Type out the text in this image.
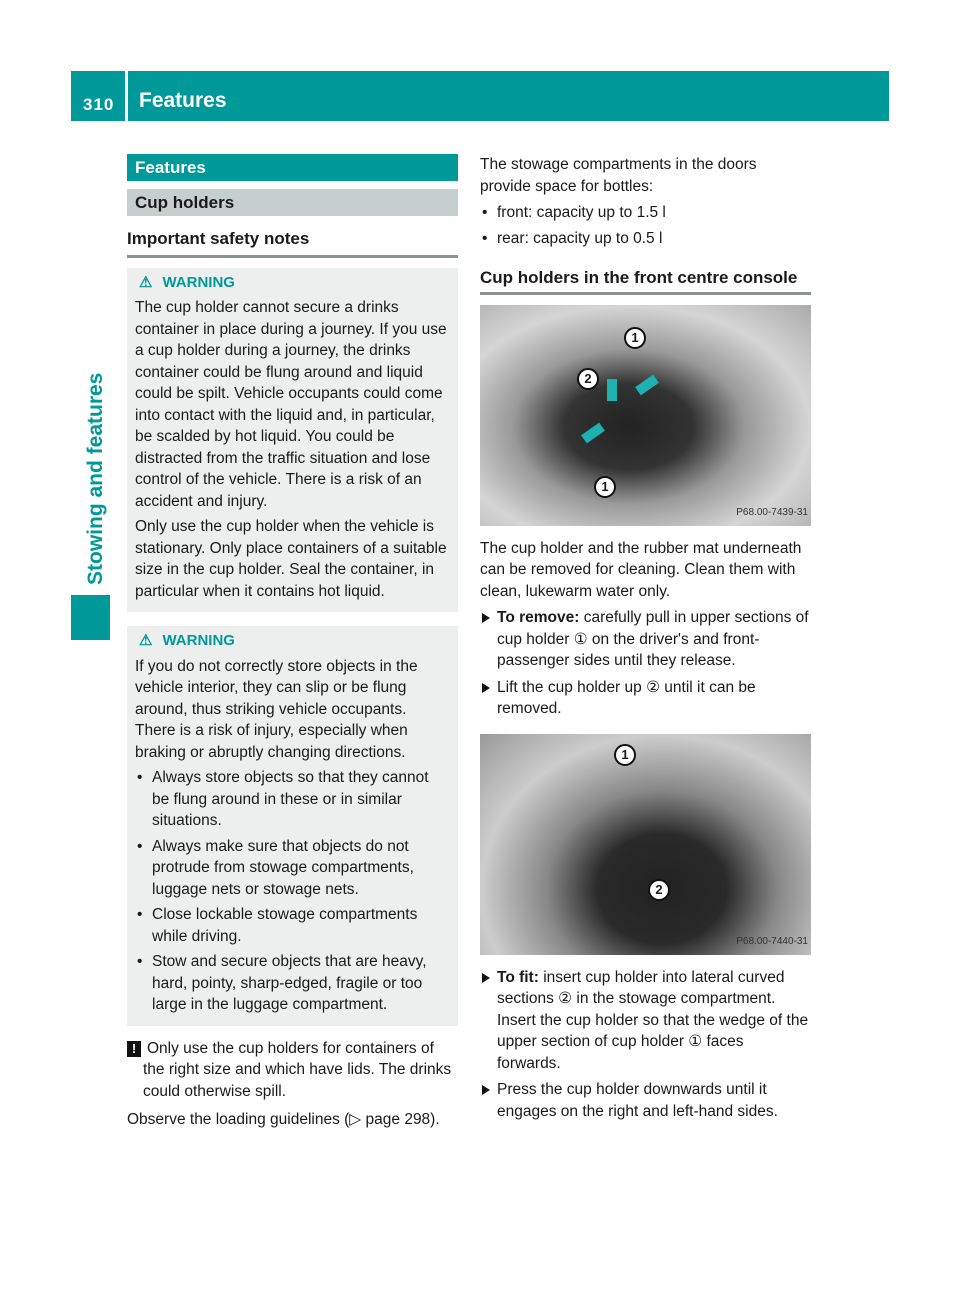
310	Features
Stowing and features
Features
Cup holders
Important safety notes
⚠ WARNING

The cup holder cannot secure a drinks container in place during a journey. If you use a cup holder during a journey, the drinks container could be flung around and liquid could be spilt. Vehicle occupants could come into contact with the liquid and, in particular, be scalded by hot liquid. You could be distracted from the traffic situation and lose control of the vehicle. There is a risk of an accident and injury.

Only use the cup holder when the vehicle is stationary. Only place containers of a suitable size in the cup holder. Seal the container, in particular when it contains hot liquid.

⚠ WARNING

If you do not correctly store objects in the vehicle interior, they can slip or be flung around, thus striking vehicle occupants. There is a risk of injury, especially when braking or abruptly changing directions.

• Always store objects so that they cannot be flung around in these or in similar situations.
• Always make sure that objects do not protrude from stowage compartments, luggage nets or stowage nets.
• Close lockable stowage compartments while driving.
• Stow and secure objects that are heavy, hard, pointy, sharp-edged, fragile or too large in the luggage compartment.
! Only use the cup holders for containers of the right size and which have lids. The drinks could otherwise spill.

Observe the loading guidelines (▷ page 298).

The stowage compartments in the doors provide space for bottles:

• front: capacity up to 1.5 l
• rear: capacity up to 0.5 l
Cup holders in the front centre console
1
2
1
P68.00-7439-31

The cup holder and the rubber mat underneath can be removed for cleaning. Clean them with clean, lukewarm water only.

To remove: carefully pull in upper sections of cup holder ① on the driver's and front-passenger sides until they release.
Lift the cup holder up ② until it can be removed.
1
2
P68.00-7440-31
To fit: insert cup holder into lateral curved sections ② in the stowage compartment. Insert the cup holder so that the wedge of the upper section of cup holder ① faces forwards.
Press the cup holder downwards until it engages on the right and left-hand sides.
